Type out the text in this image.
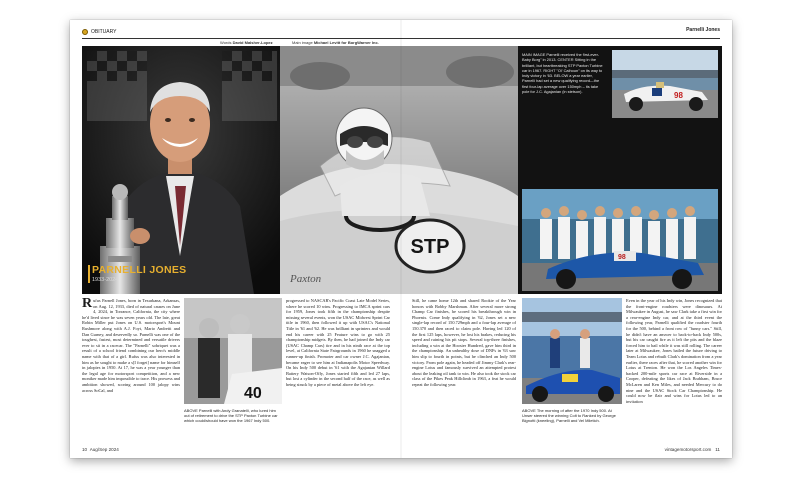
OBITUARY	Parnelli Jones
Words David Malsher-Lopez	Main image Michael Levitt for BorgWarner Inc.
PARNELLI JONES
1933-2024
STP
Paxton
MAIN IMAGE Parnelli received the first-ever-Baby Borg" in 2013. CENTER Sitting in the brilliant, but heartbreaking STP Paxton Turbine car in 1967. RIGHT "Ol' Calhoun" on its way to Indy victory in '63. BELOW a year earlier, Parnelli had set a new qualifying record—the first four-lap average over 150mph – its take pole for J.C. Agajanian (in stetson).	98
98
Rufus Parnell Jones, born in Texarkana, Arkansas, on Aug. 12, 1933, died of natural causes on June 4, 2024, in Torrance, California, the city where he'd lived since he was seven years old. The late, great Robin Miller put Jones on U.S. motorsport's Mount Rushmore along with A.J. Foyt, Mario Andretti and Dan Gurney, and deservedly so. Parnelli was one of the toughest, fastest, most determined and versatile drivers ever to sit in a racecar. The "Parnelli" sobriquet was a result of a school friend combining our hero's middle name with that of a girl. Rufus was also interested in him as he sought to make a s[I forget] name for himself in jalopies in 1950. At 17, he was a year younger than the legal age for motorsport competition, and a new moniker made him impossible to trace. His prowess and ambition showed, scoring around 100 jalopy wins across SoCal, and	40
ABOVE Parnelli with Andy Granatelli, who lured him out of retirement to drive the STP Paxton Turbine car which could/should have won the 1967 Indy 500.
progressed to NASCAR's Pacific Coast Late Model Series, where he scored 10 wins. Progressing to IMCA sprint cars for 1959, Jones took fifth in the championship despite missing several events, won the USAC Midwest Sprint Car title in 1960, then followed it up with USAC's National Title in '61 and '62. He was brilliant in sprinters and would end his career with 25 Feature wins to go with 25 championship midgets. By then, he had joined the Indy car (USAC Champ Cars) tire and in his ninth race at the top level, at California State Fairgrounds in 1960 he snagged a runner-up finish. Promoter and car owner J.C. Agajanian, became eager to see him at Indianapolis Motor Speedway. On his Indy 500 debut in '61 with the Agajanian Willard Battery Watson-Offy, Jones started fifth and led 27 laps, but lost a cylinder in the second half of the race, as well as being struck by a piece of metal above the left eye.
Still, he came home 12th and shared Rookie of the Year honors with Bobby Marshman. After several more strong Champ Car finishes, he scored his breakthrough win in Phoenix. Come Indy qualifying in '62, Jones set a new single-lap record of 150.729mph and a four-lap average of 150.370 and then raced to claim pole. Having led 120 of the first 125 laps, however, he lost his brakes, reducing his speed and ruining his pit stops. Several top-three finishes, including a win at the Hoosier Hundred, gave him third in the championship. An unhealthy dose of DNFs in '63 saw him slip to fourth in points, but he clinched an Indy 500 victory. From pole again, he headed off Jimmy Clark's rear-engine Lotus and famously survived an attempted protest about the leaking oil tank to win. He also took the stock car class of the Pikes Peak Hillclimb in 1963, a feat he would repeat the following year.
ABOVE The morning of after the 1970 Indy 500. At Unser steered the winning Colt to Ranked by George Bignotti (kneeling), Parnelli and Vel Miletich.
Even in the year of his Indy win, Jones recognized that the front-engine roadsters were dinosaurs. At Milwaukee in August, he saw Clark take a first win for a rear-engine Indy car, and at the third event the following year, Parnelli qualified the roadster fourth for the 500, behind a front row of "funny cars." Still, he didn't have an answer to back-to-back Indy 500s, but his car caught fire as it left the pits and the blaze forced him to bail while it was still rolling. The career later at Milwaukee, Jones bailed the future driving to Team Lotus and rebuilt Clark's domination from a year earlier, there races after that, he scored another win for Lotus at Trenton. He won the Los Angeles Times-backed 200-mile sports car race at Riverside in a Cooper, defeating the likes of Jack Brabham, Bruce McLaren and Ken Miles, and needed Mercury to do nine and the USAC Stock Car Championship. He could now be flair and wins for Lotus led to an invitation
10 Aug/Sep 2024	vintagemotorsport.com 11
